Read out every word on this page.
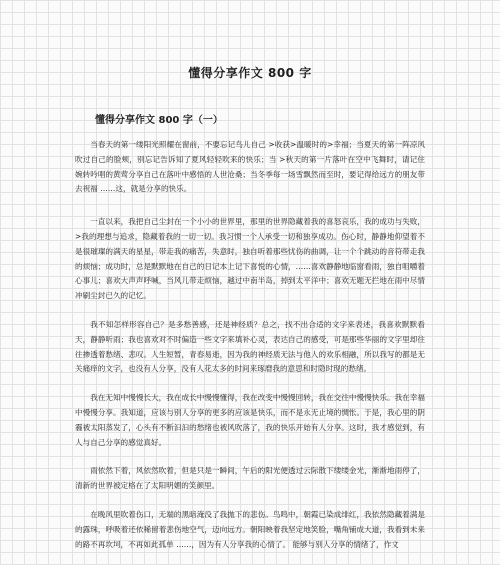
懂得分享作文 800 字
懂得分享作文 800 字（一）

当春天的第一缕阳光照耀在窗前，不要忘记鸟儿自己 >收获>温暖时的>幸福；当夏天的第一阵凉风吹过自己的脸颊，别忘记告诉知了夏风轻轻吹来的快乐；当 >秋天的第一片落叶在空中飞舞时，请记住婉转吟唱的黄莺分享自己在落叶中感悟的人世沧桑；当冬季每一场雪飘然而至时，要记得给远方的朋友带去祝福 ……这，就是分享的快乐。

一直以来，我把自己尘封在一个小小的世界里，那里的世界隐藏着我的喜怒哀乐，我的成功与失败，>我的理想与追求，隐藏着我的一切一切。我习惯一个人承受一切和独享成功。伤心时，静静地仰望着不是很璀璨的满天的星星，带走我的痛苦，失意时，独自听着那些忧伤的曲调，让一个个跳动的音符带走我的烦恼；成功时，总是默默地在自己的日记本上记下喜悦的心情，……喜欢静静地临窗看雨，独自咀嚼着心事儿；喜欢大声声呼喊，当风儿带走烦恼，越过中南半岛，掉到太平洋中；喜欢无题无拦地在雨中尽情冲刷尘封已久的记忆。

我不知怎样形容自己？是多愁善感，还是神经质？总之，找不出合适的文字来表述，我喜欢默默看天，静静听雨；我也喜欢对不时偏造一些文字来填补心灵，表达自己的感受，可是那些华丽的文字里却往往掺透着愁绪、悲叹。人生短暂，青春易逝，因为我的神经质无法与他人的欢乐相融，所以我写的都是无关痛痒的文字，也没有人分享，没有人花太多的时间来琢磨我的意思和时隐时现的愁绪。

我在无知中慢慢长大，我在成长中慢慢懂得，我在改变中慢慢回转，我在交往中慢慢快乐。我在幸福中慢慢分享。我知道，应该与别人分享的更多的应该是快乐，而不是永无止境的惆怅。于是，我心里的阴霾被太阳蒸发了，心头有不断汩汩的愁绪也被风吹落了，我的快乐开始有人分享。这时，我才感觉到，有人与自己分享的感觉真好。

雨依然下着，风依然吹着，但是只是一瞬间，午后的阳光便透过云际散下缕缕金光，渐渐地雨停了，清新的世界被定格在了太阳明媚的笑颜里。

在晚风里吹着伤口，无端的黑暗淹没了我抛下的悲伤。鸟鸣中，朝霞已染成绯红，我依然隐藏着满是的露珠，呼吸着还依稀留着悲伤地空气，迈向远方。朝阳映着我坚定地笑脸，嘴角铺成大道，我看到未来的路不再坎坷，不再如此孤单 ……，因为有人分享我的心情了。 能够与别人分享的情绪了，作文
